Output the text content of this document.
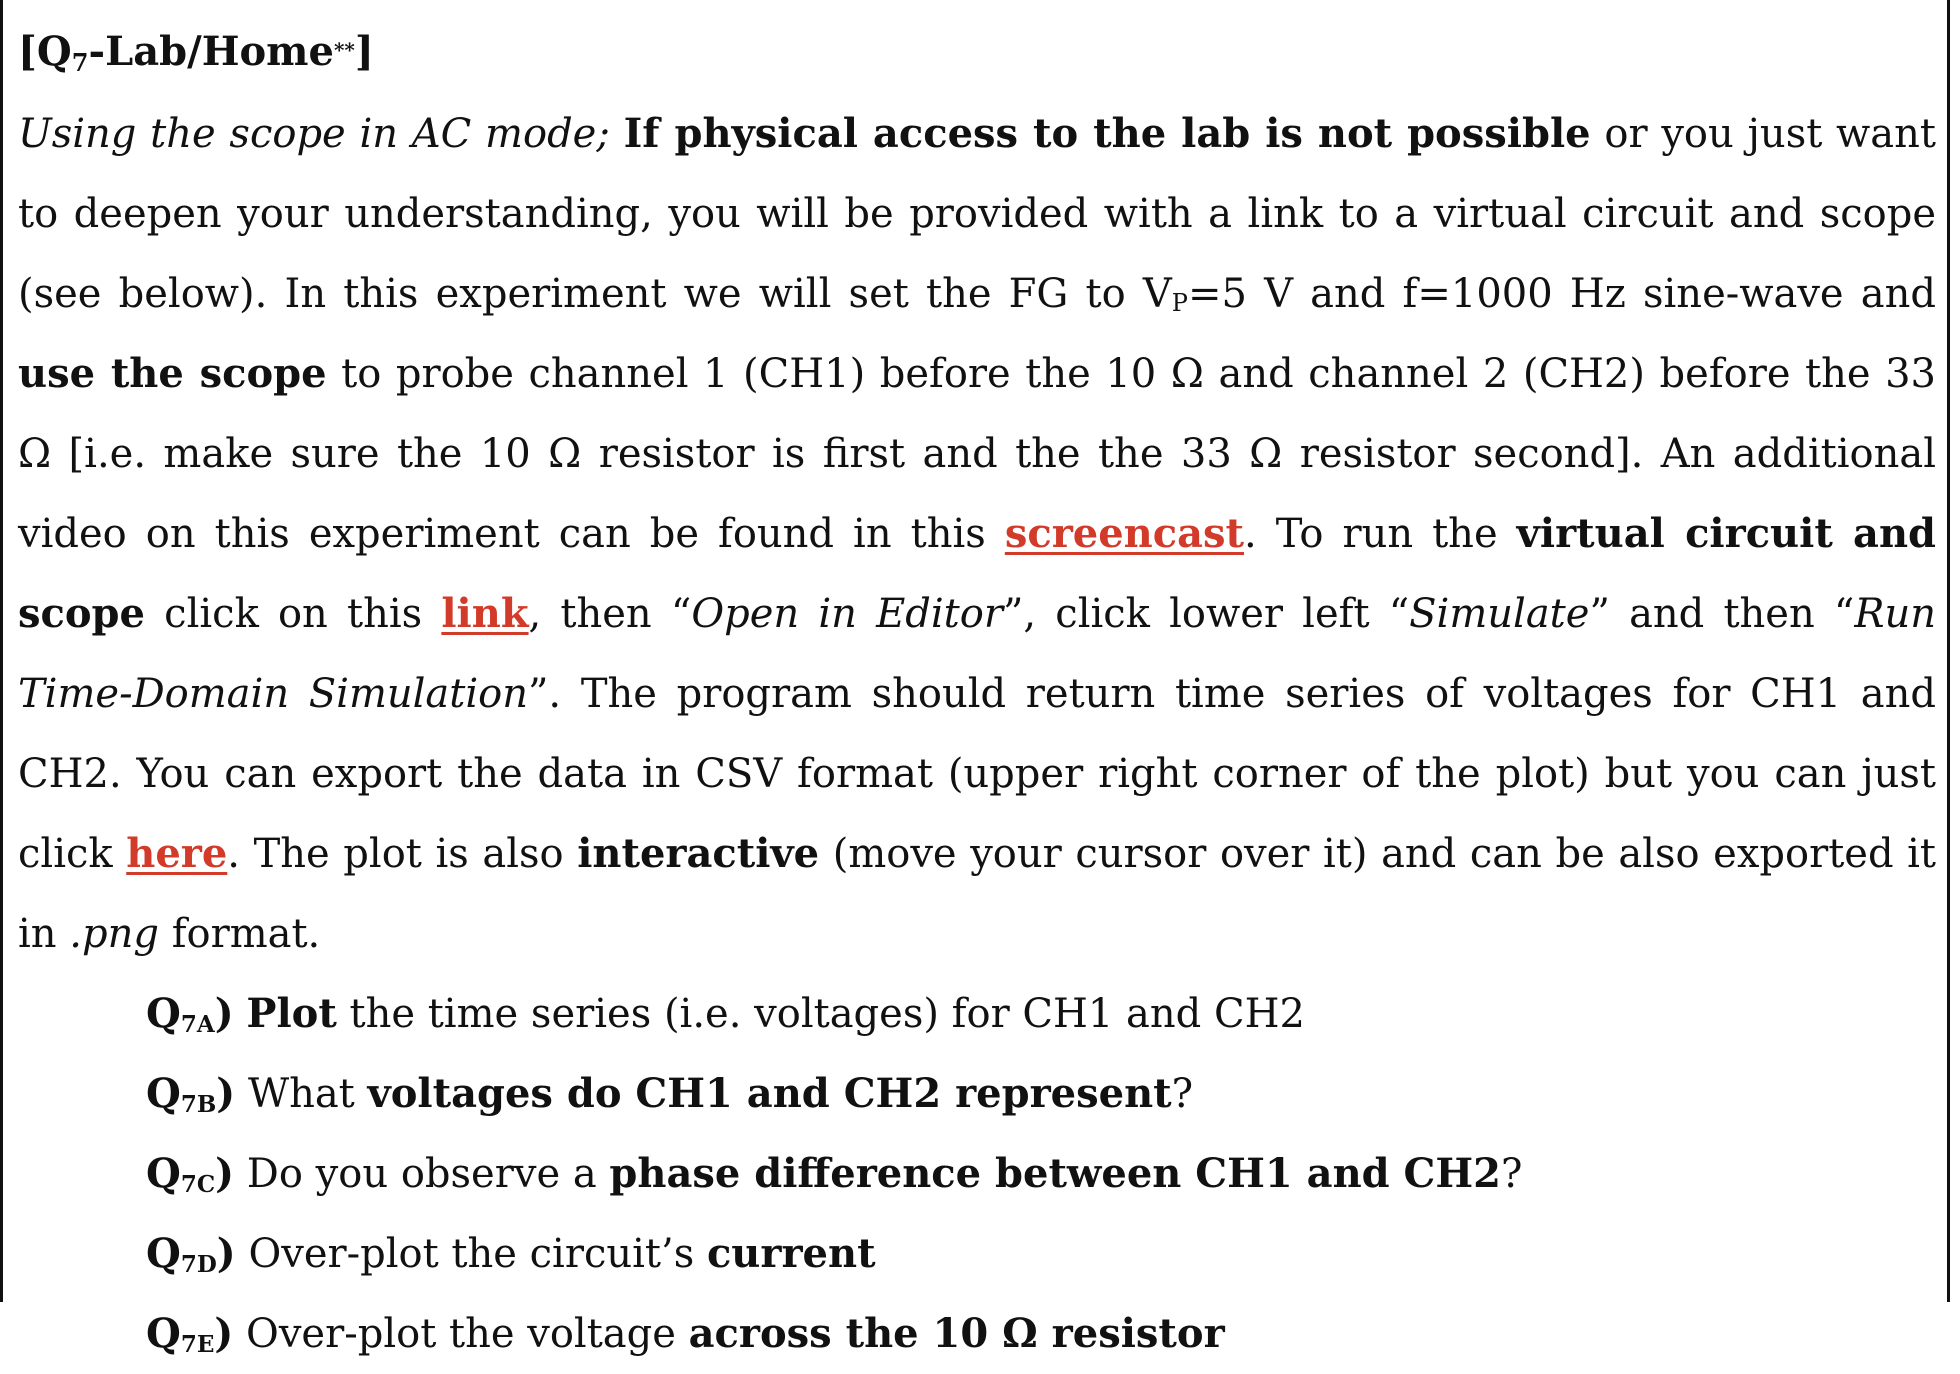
$[Q_7-Lab/Home^{**}]$
Using the scope in AC mode; If physical access to the lab is not possible or you just want to deepen your understanding, you will be provided with a link to a virtual circuit and scope (see below). In this experiment we will set the FG to $V_P=5$ V and f=1000 Hz sine-wave and use the scope to probe channel 1 (CH1) before the 10 Ω and channel 2 (CH2) before the 33 Ω [i.e. make sure the 10 Ω resistor is first and the the 33 Ω resistor second]. An additional video on this experiment can be found in this screencast. To run the virtual circuit and scope click on this link, then “Open in Editor”, click lower left “Simulate” and then “Run Time-Domain Simulation”. The program should return time series of voltages for CH1 and CH2. You can export the data in CSV format (upper right corner of the plot) but you can just click here. The plot is also interactive (move your cursor over it) and can be also exported it in .png format.
$Q_{7A}$) Plot the time series (i.e. voltages) for CH1 and CH2
$Q_{7B}$) What voltages do CH1 and CH2 represent?
$Q_{7C}$) Do you observe a phase difference between CH1 and CH2?
$Q_{7D}$) Over-plot the circuit’s current
$Q_{7E}$) Over-plot the voltage across the 10 Ω resistor
